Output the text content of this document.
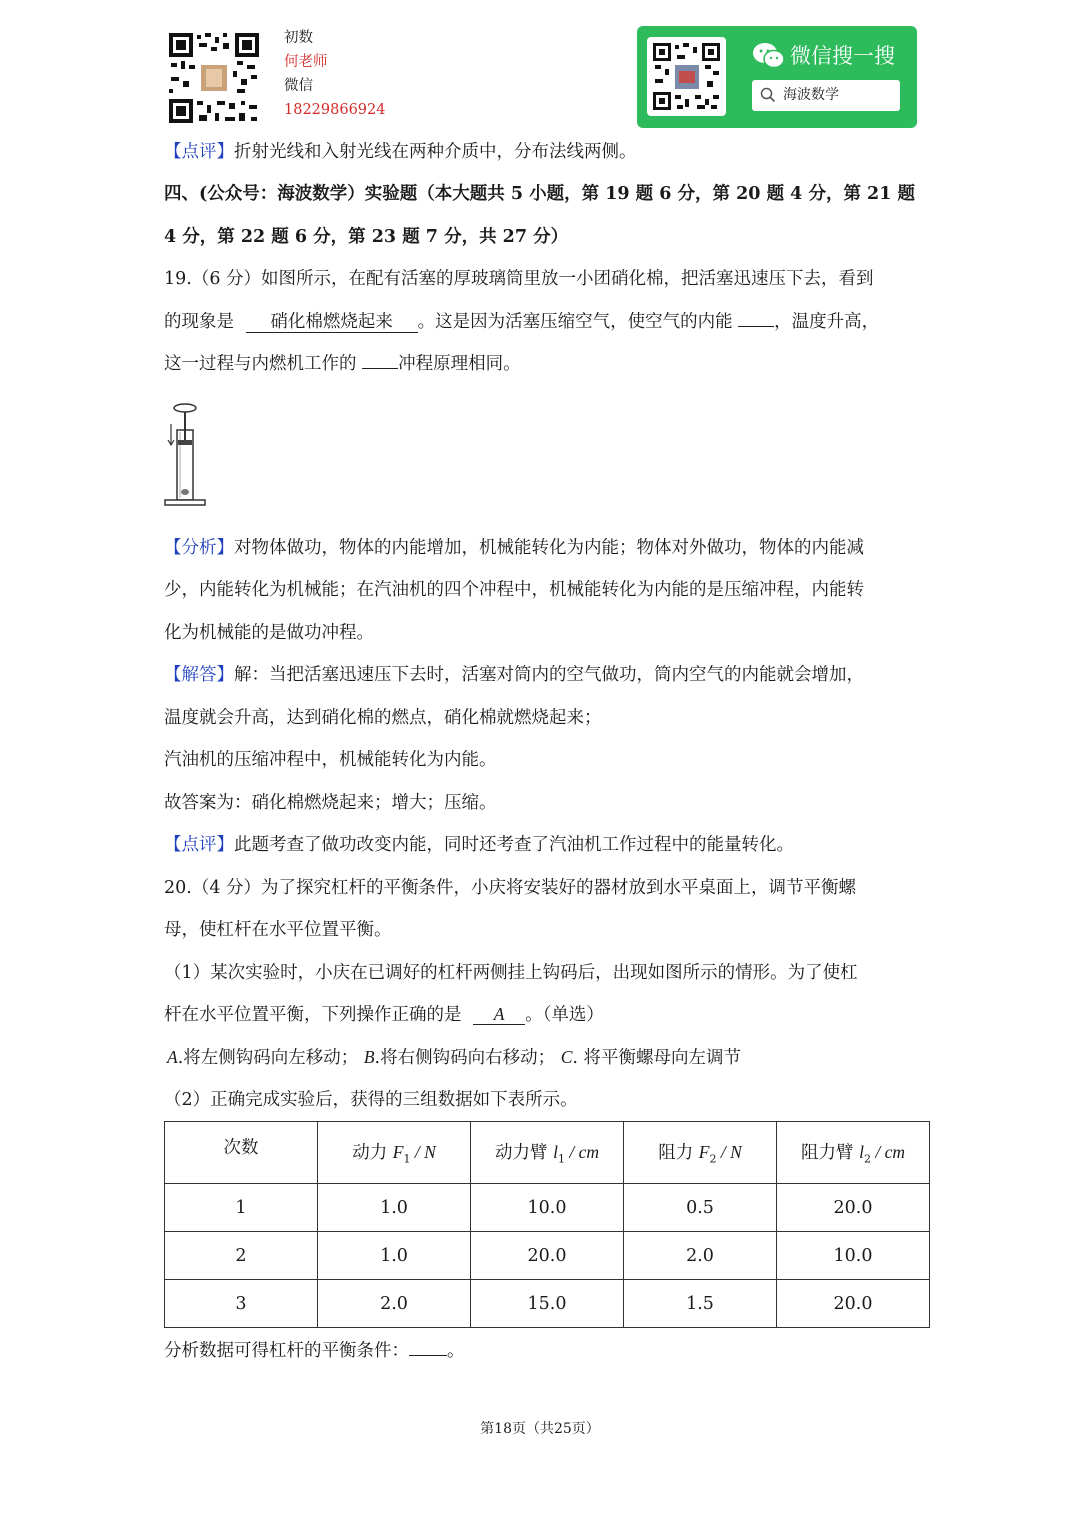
初数
何老师
微信
18229866924
微信搜一搜
海波数学
【点评】折射光线和入射光线在两种介质中，分布法线两侧。
四、(公众号：海波数学）实验题（本大题共 5 小题，第 19 题 6 分，第 20 题 4 分，第 21 题
4 分，第 22 题 6 分，第 23 题 7 分，共 27 分）
19.（6 分）如图所示，在配有活塞的厚玻璃筒里放一小团硝化棉，把活塞迅速压下去，看到
的现象是 硝化棉燃烧起来 。这是因为活塞压缩空气，使空气的内能 ，温度升高，
这一过程与内燃机工作的 冲程原理相同。
【分析】对物体做功，物体的内能增加，机械能转化为内能；物体对外做功，物体的内能减
少，内能转化为机械能；在汽油机的四个冲程中，机械能转化为内能的是压缩冲程，内能转
化为机械能的是做功冲程。
【解答】解：当把活塞迅速压下去时，活塞对筒内的空气做功，筒内空气的内能就会增加，
温度就会升高，达到硝化棉的燃点，硝化棉就燃烧起来；
汽油机的压缩冲程中，机械能转化为内能。
故答案为：硝化棉燃烧起来；增大；压缩。
【点评】此题考查了做功改变内能，同时还考查了汽油机工作过程中的能量转化。
20.（4 分）为了探究杠杆的平衡条件，小庆将安装好的器材放到水平桌面上，调节平衡螺
母，使杠杆在水平位置平衡。
（1）某次实验时，小庆在已调好的杠杆两侧挂上钩码后，出现如图所示的情形。为了使杠
杆在水平位置平衡，下列操作正确的是 A 。（单选）
A.将左侧钩码向左移动； B.将右侧钩码向右移动； C. 将平衡螺母向左调节
（2）正确完成实验后，获得的三组数据如下表所示。
次数	动力 $F_1$ / N	动力臂 $l_1$ / cm	阻力 $F_2$ / N	阻力臂 $l_2$ / cm
1	1.0	10.0	0.5	20.0
2	1.0	20.0	2.0	10.0
3	2.0	15.0	1.5	20.0
分析数据可得杠杆的平衡条件： 。
第18页（共25页）
